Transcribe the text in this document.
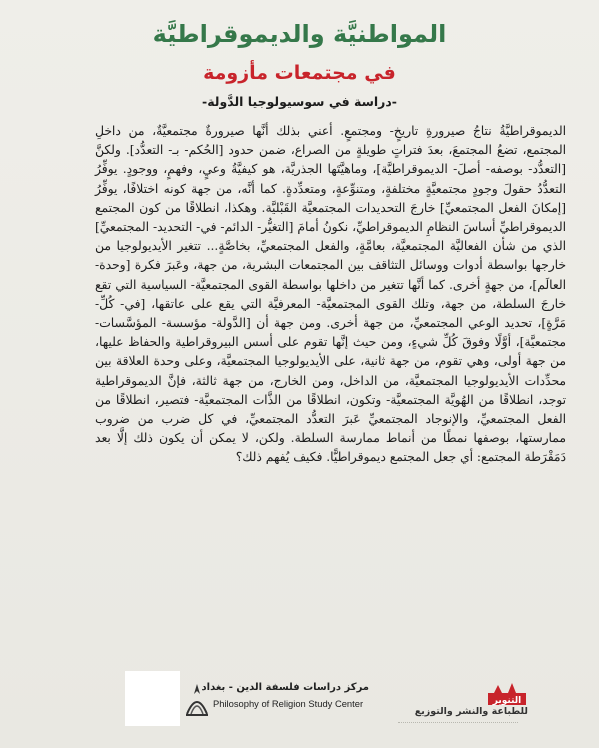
المواطنيَّة والديموقراطيَّة
في مجتمعات مأزومة
-دراسة في سوسيولوجيا الدَّولة-
الديموقراطيَّةُ نتاجُ صيرورةِ تاريخٍ- ومجتمعٍ. أعني بذلك أنَّها صيرورةٌ مجتمعيَّةٌ، من داخلِ المجتمع، تضعُ المجتمعَ، بعدَ فتراتٍ طويلةٍ من الصراع، ضمن حدود [الحُكم- بـ- التعدُّد]. ولكنَّ [التعدُّد- بوصفه- أصلَ- الديموقراطيَّة]، وماهيَّتَها الجذريَّة، هو كيفيَّةُ وعيٍ، وفهمٍ، ووجودٍ. يوفِّرُ التعدُّدُ حقولَ وجودٍ مجتمعيَّةٍ مختلفةٍ، ومتنوِّعةٍ، ومتعدِّدةٍ. كما أنَّه، من جهة كونه اختلافًا، يوفِّرُ [إمكانَ الفعل المجتمعيِّ] خارجَ التحديدات المجتمعيَّة القَبْليَّة. وهكذا، انطلاقًا من كون المجتمع الديموقراطيِّ أساسَ النظامِ الديموقراطيِّ، نكونُ أمامَ [التغيُّر- الدائم- في- التحديد- المجتمعيِّ] الذي من شأن الفعاليَّة المجتمعيَّة، بعامَّةٍ، والفعل المجتمعيِّ، بخاصَّةٍ... تتغير الأيديولوجيا من خارجها بواسطة أدوات ووسائل التثاقف بين المجتمعات البشرية، من جهة، وعَبرَ فكرة [وحدة- العالَم]، من جهةٍ أخرى. كما أنَّها تتغير من داخلها بواسطة القوى المجتمعيَّة- السياسية التي تقع خارجَ السلطة، من جهة، وتلك القوى المجتمعيَّة- المعرفيَّة التي يقع على عاتقها، [في- كُلِّ- مَرَّةٍ]، تحديد الوعي المجتمعيِّ، من جهة أخرى. ومن جهة أن [الدَّولة- مؤسسة- المؤسَّسات- مجتمعيَّة]، أوَّلًا وفوقَ كُلِّ شيءٍ، ومن حيث إنَّها تقوم على أسس البيروقراطية والحفاظ عليها، من جهة أولى، وهي تقوم، من جهة ثانية، على الأيديولوجيا المجتمعيَّة، وعلى وحدة العلاقة بين محدِّدات الأيديولوجيا المجتمعيَّة، من الداخل، ومن الخارج، من جهة ثالثة، فإنَّ الديموقراطية توجد، انطلاقًا من الهُويَّة المجتمعيَّة- وتكون، انطلاقًا من الذَّات المجتمعيَّة- فتصير، انطلاقًا من الفعل المجتمعيِّ، والإنوجاد المجتمعيِّ عَبرَ التعدُّد المجتمعيِّ، في كل ضرب من ضروب ممارستها، بوصفها نمطًا من أنماط ممارسة السلطة. ولكن، لا يمكن أن يكون ذلك إلَّا بعد دَمَقْرَطة المجتمع: أي جعل المجتمع ديموقراطيًّا. فكيف يُفهم ذلك؟
مركز دراسات فلسفة الدين - بغداد
Philosophy of Religion Study Center	التنوير
للطباعة والنشر والتوزيع
